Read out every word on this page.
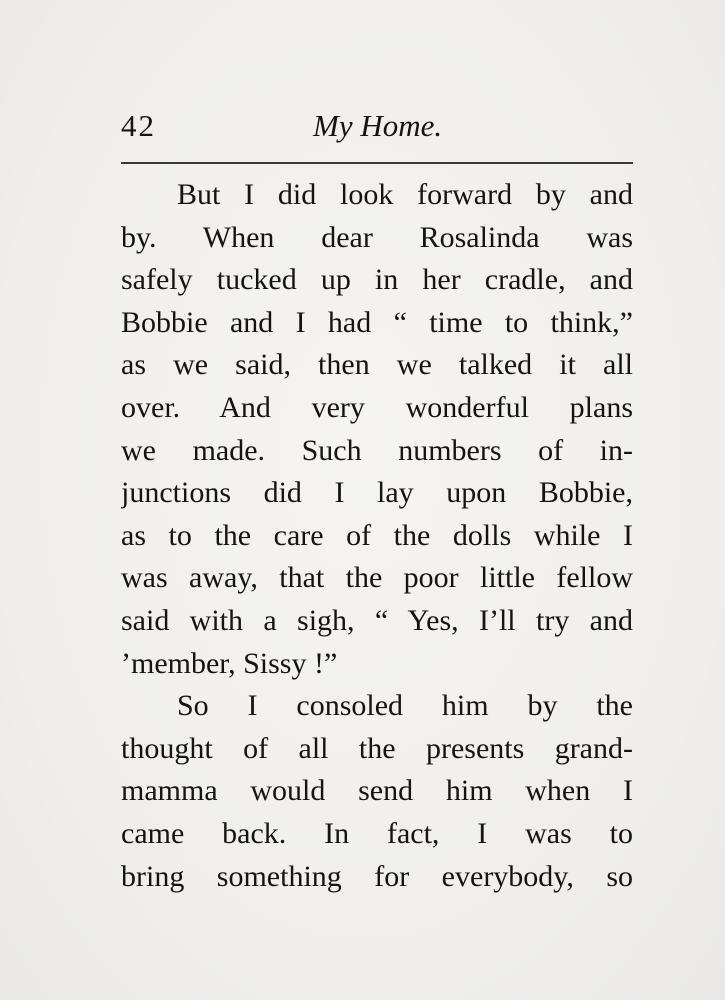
42	My Home.
But I did look forward by and
by. When dear Rosalinda was
safely tucked up in her cradle, and
Bobbie and I had “ time to think,”
as we said, then we talked it all
over. And very wonderful plans
we made. Such numbers of in-
junctions did I lay upon Bobbie,
as to the care of the dolls while I
was away, that the poor little fellow
said with a sigh, “ Yes, I’ll try and
’member, Sissy !”
So I consoled him by the
thought of all the presents grand-
mamma would send him when I
came back. In fact, I was to
bring something for everybody, so
